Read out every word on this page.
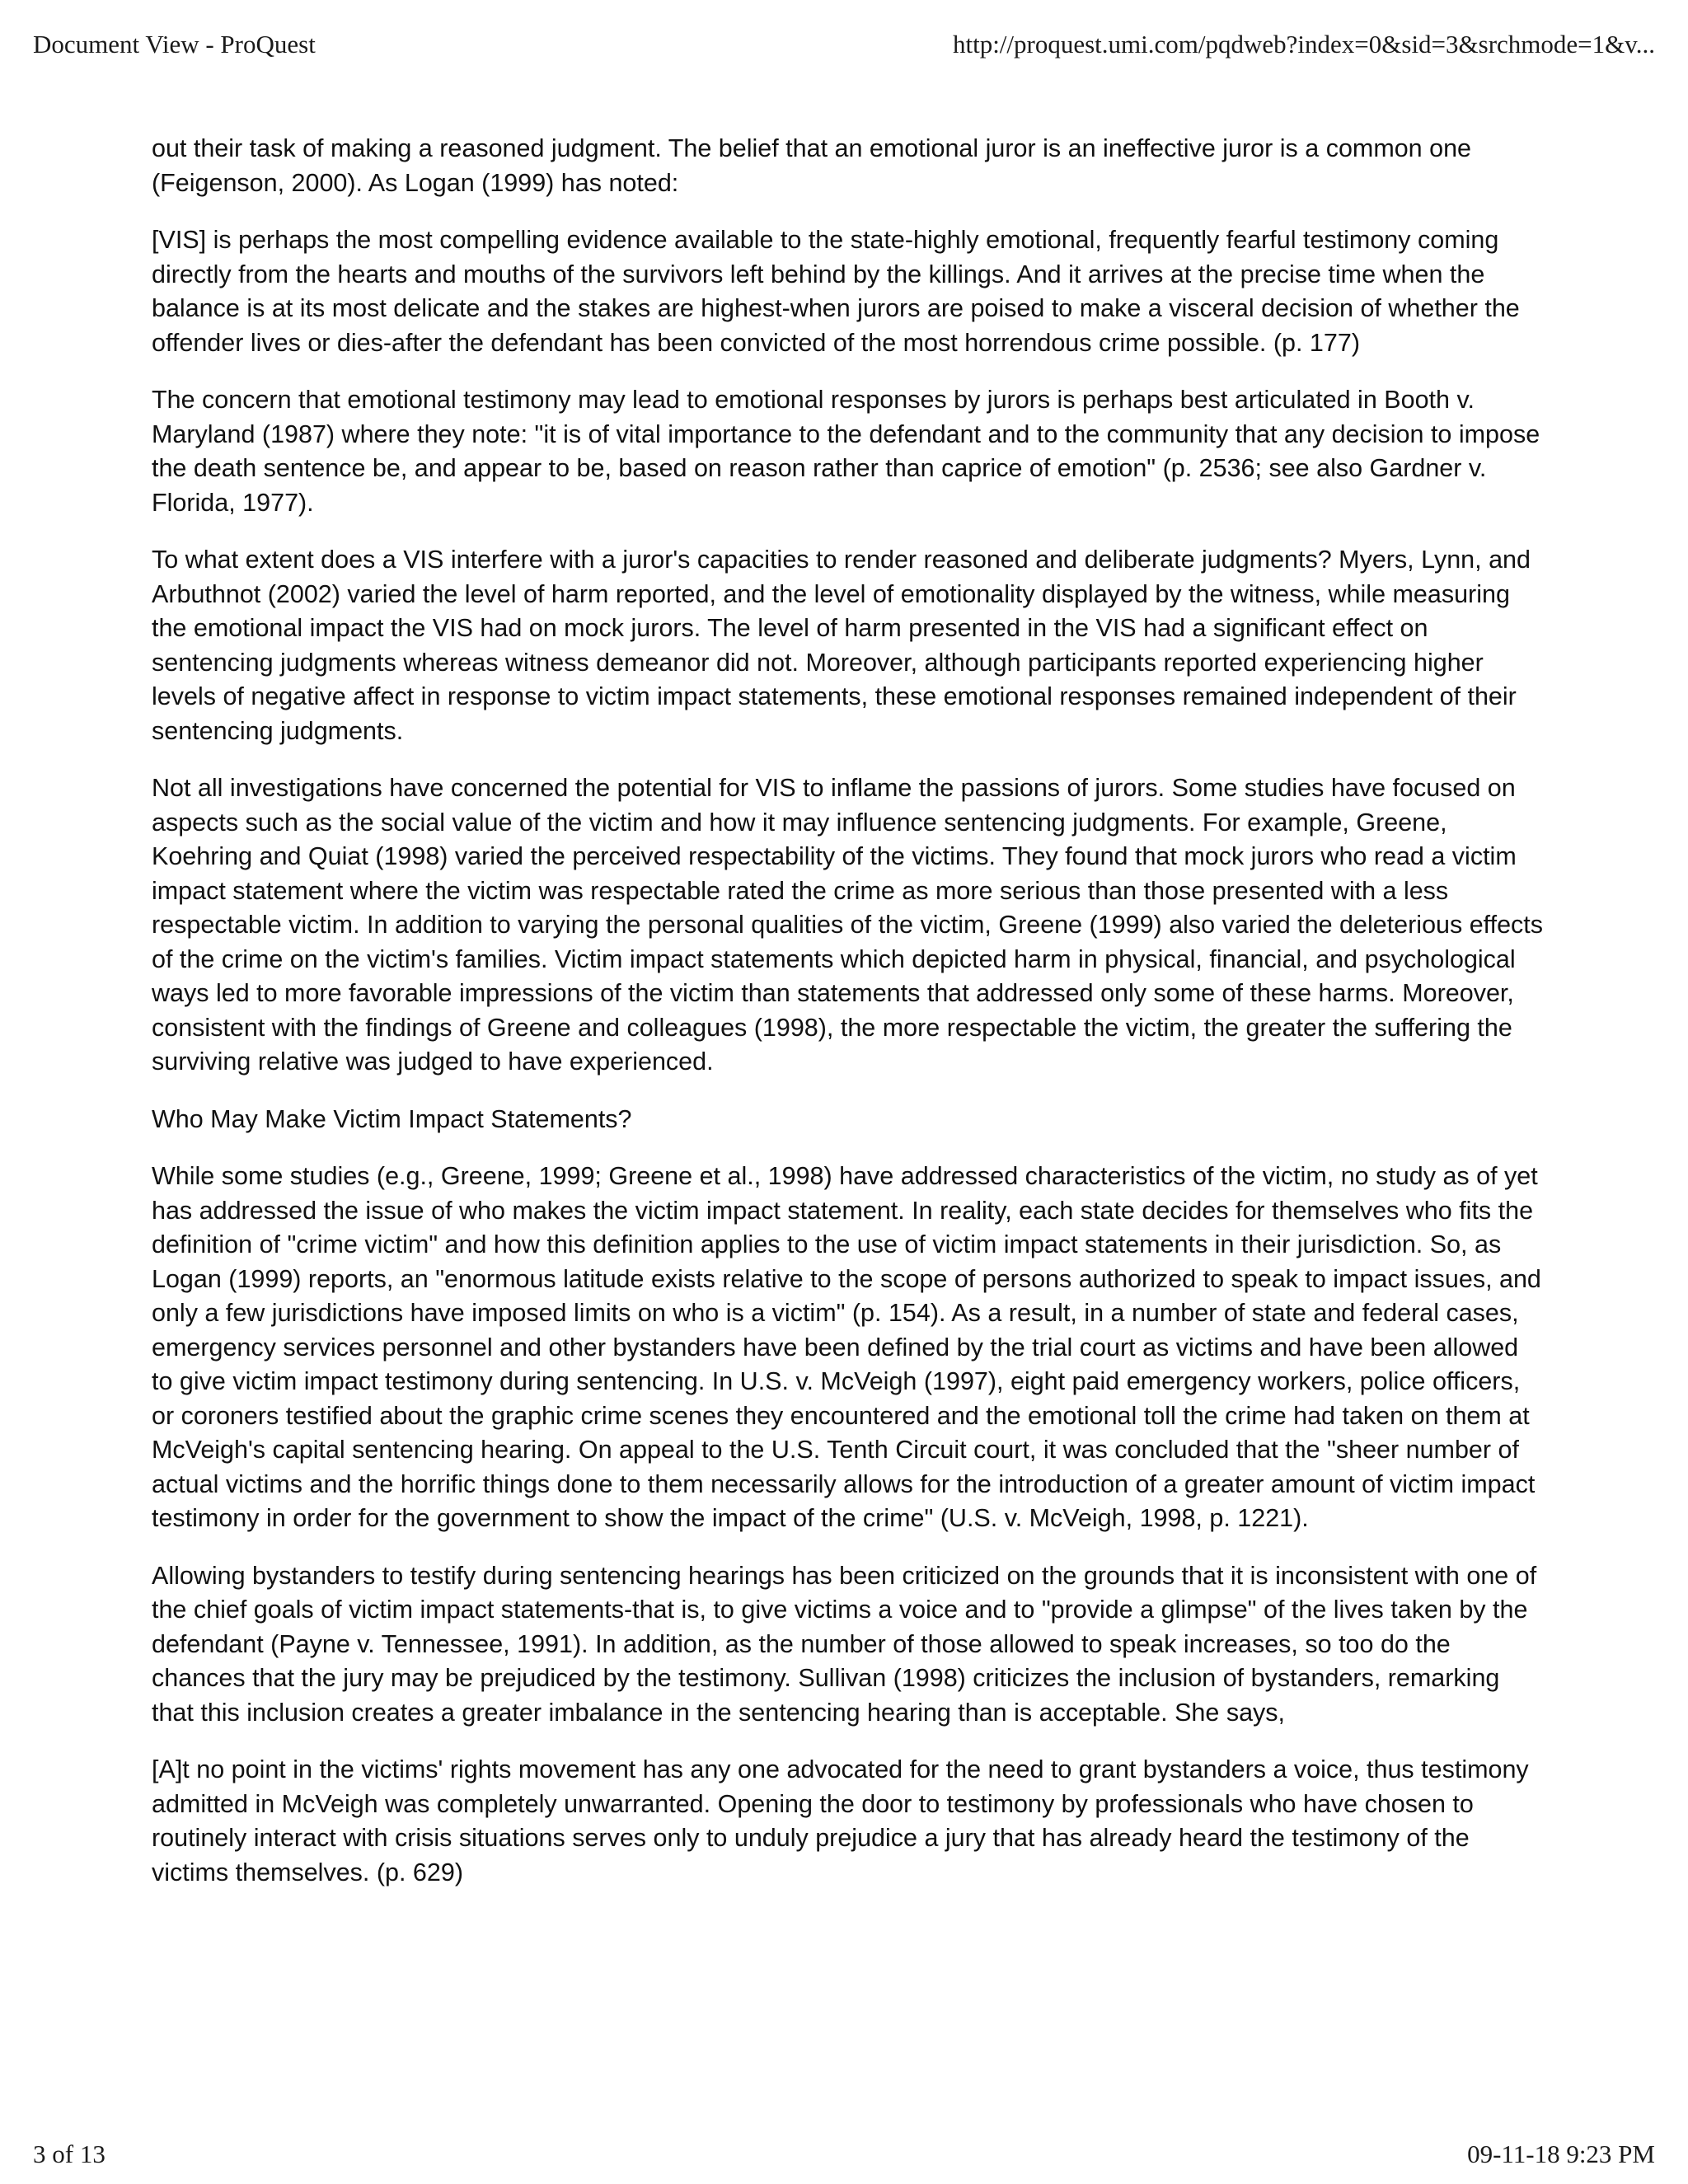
Document View - ProQuest	http://proquest.umi.com/pqdweb?index=0&sid=3&srchmode=1&v...

out their task of making a reasoned judgment. The belief that an emotional juror is an ineffective juror is a common one (Feigenson, 2000). As Logan (1999) has noted:

[VIS] is perhaps the most compelling evidence available to the state-highly emotional, frequently fearful testimony coming directly from the hearts and mouths of the survivors left behind by the killings. And it arrives at the precise time when the balance is at its most delicate and the stakes are highest-when jurors are poised to make a visceral decision of whether the offender lives or dies-after the defendant has been convicted of the most horrendous crime possible. (p. 177)

The concern that emotional testimony may lead to emotional responses by jurors is perhaps best articulated in Booth v. Maryland (1987) where they note: "it is of vital importance to the defendant and to the community that any decision to impose the death sentence be, and appear to be, based on reason rather than caprice of emotion" (p. 2536; see also Gardner v. Florida, 1977).

To what extent does a VIS interfere with a juror's capacities to render reasoned and deliberate judgments? Myers, Lynn, and Arbuthnot (2002) varied the level of harm reported, and the level of emotionality displayed by the witness, while measuring the emotional impact the VIS had on mock jurors. The level of harm presented in the VIS had a significant effect on sentencing judgments whereas witness demeanor did not. Moreover, although participants reported experiencing higher levels of negative affect in response to victim impact statements, these emotional responses remained independent of their sentencing judgments.

Not all investigations have concerned the potential for VIS to inflame the passions of jurors. Some studies have focused on aspects such as the social value of the victim and how it may influence sentencing judgments. For example, Greene, Koehring and Quiat (1998) varied the perceived respectability of the victims. They found that mock jurors who read a victim impact statement where the victim was respectable rated the crime as more serious than those presented with a less respectable victim. In addition to varying the personal qualities of the victim, Greene (1999) also varied the deleterious effects of the crime on the victim's families. Victim impact statements which depicted harm in physical, financial, and psychological ways led to more favorable impressions of the victim than statements that addressed only some of these harms. Moreover, consistent with the findings of Greene and colleagues (1998), the more respectable the victim, the greater the suffering the surviving relative was judged to have experienced.

Who May Make Victim Impact Statements?

While some studies (e.g., Greene, 1999; Greene et al., 1998) have addressed characteristics of the victim, no study as of yet has addressed the issue of who makes the victim impact statement. In reality, each state decides for themselves who fits the definition of "crime victim" and how this definition applies to the use of victim impact statements in their jurisdiction. So, as Logan (1999) reports, an "enormous latitude exists relative to the scope of persons authorized to speak to impact issues, and only a few jurisdictions have imposed limits on who is a victim" (p. 154). As a result, in a number of state and federal cases, emergency services personnel and other bystanders have been defined by the trial court as victims and have been allowed to give victim impact testimony during sentencing. In U.S. v. McVeigh (1997), eight paid emergency workers, police officers, or coroners testified about the graphic crime scenes they encountered and the emotional toll the crime had taken on them at McVeigh's capital sentencing hearing. On appeal to the U.S. Tenth Circuit court, it was concluded that the "sheer number of actual victims and the horrific things done to them necessarily allows for the introduction of a greater amount of victim impact testimony in order for the government to show the impact of the crime" (U.S. v. McVeigh, 1998, p. 1221).

Allowing bystanders to testify during sentencing hearings has been criticized on the grounds that it is inconsistent with one of the chief goals of victim impact statements-that is, to give victims a voice and to "provide a glimpse" of the lives taken by the defendant (Payne v. Tennessee, 1991). In addition, as the number of those allowed to speak increases, so too do the chances that the jury may be prejudiced by the testimony. Sullivan (1998) criticizes the inclusion of bystanders, remarking that this inclusion creates a greater imbalance in the sentencing hearing than is acceptable. She says,

[A]t no point in the victims' rights movement has any one advocated for the need to grant bystanders a voice, thus testimony admitted in McVeigh was completely unwarranted. Opening the door to testimony by professionals who have chosen to routinely interact with crisis situations serves only to unduly prejudice a jury that has already heard the testimony of the victims themselves. (p. 629)

3 of 13	09-11-18 9:23 PM
